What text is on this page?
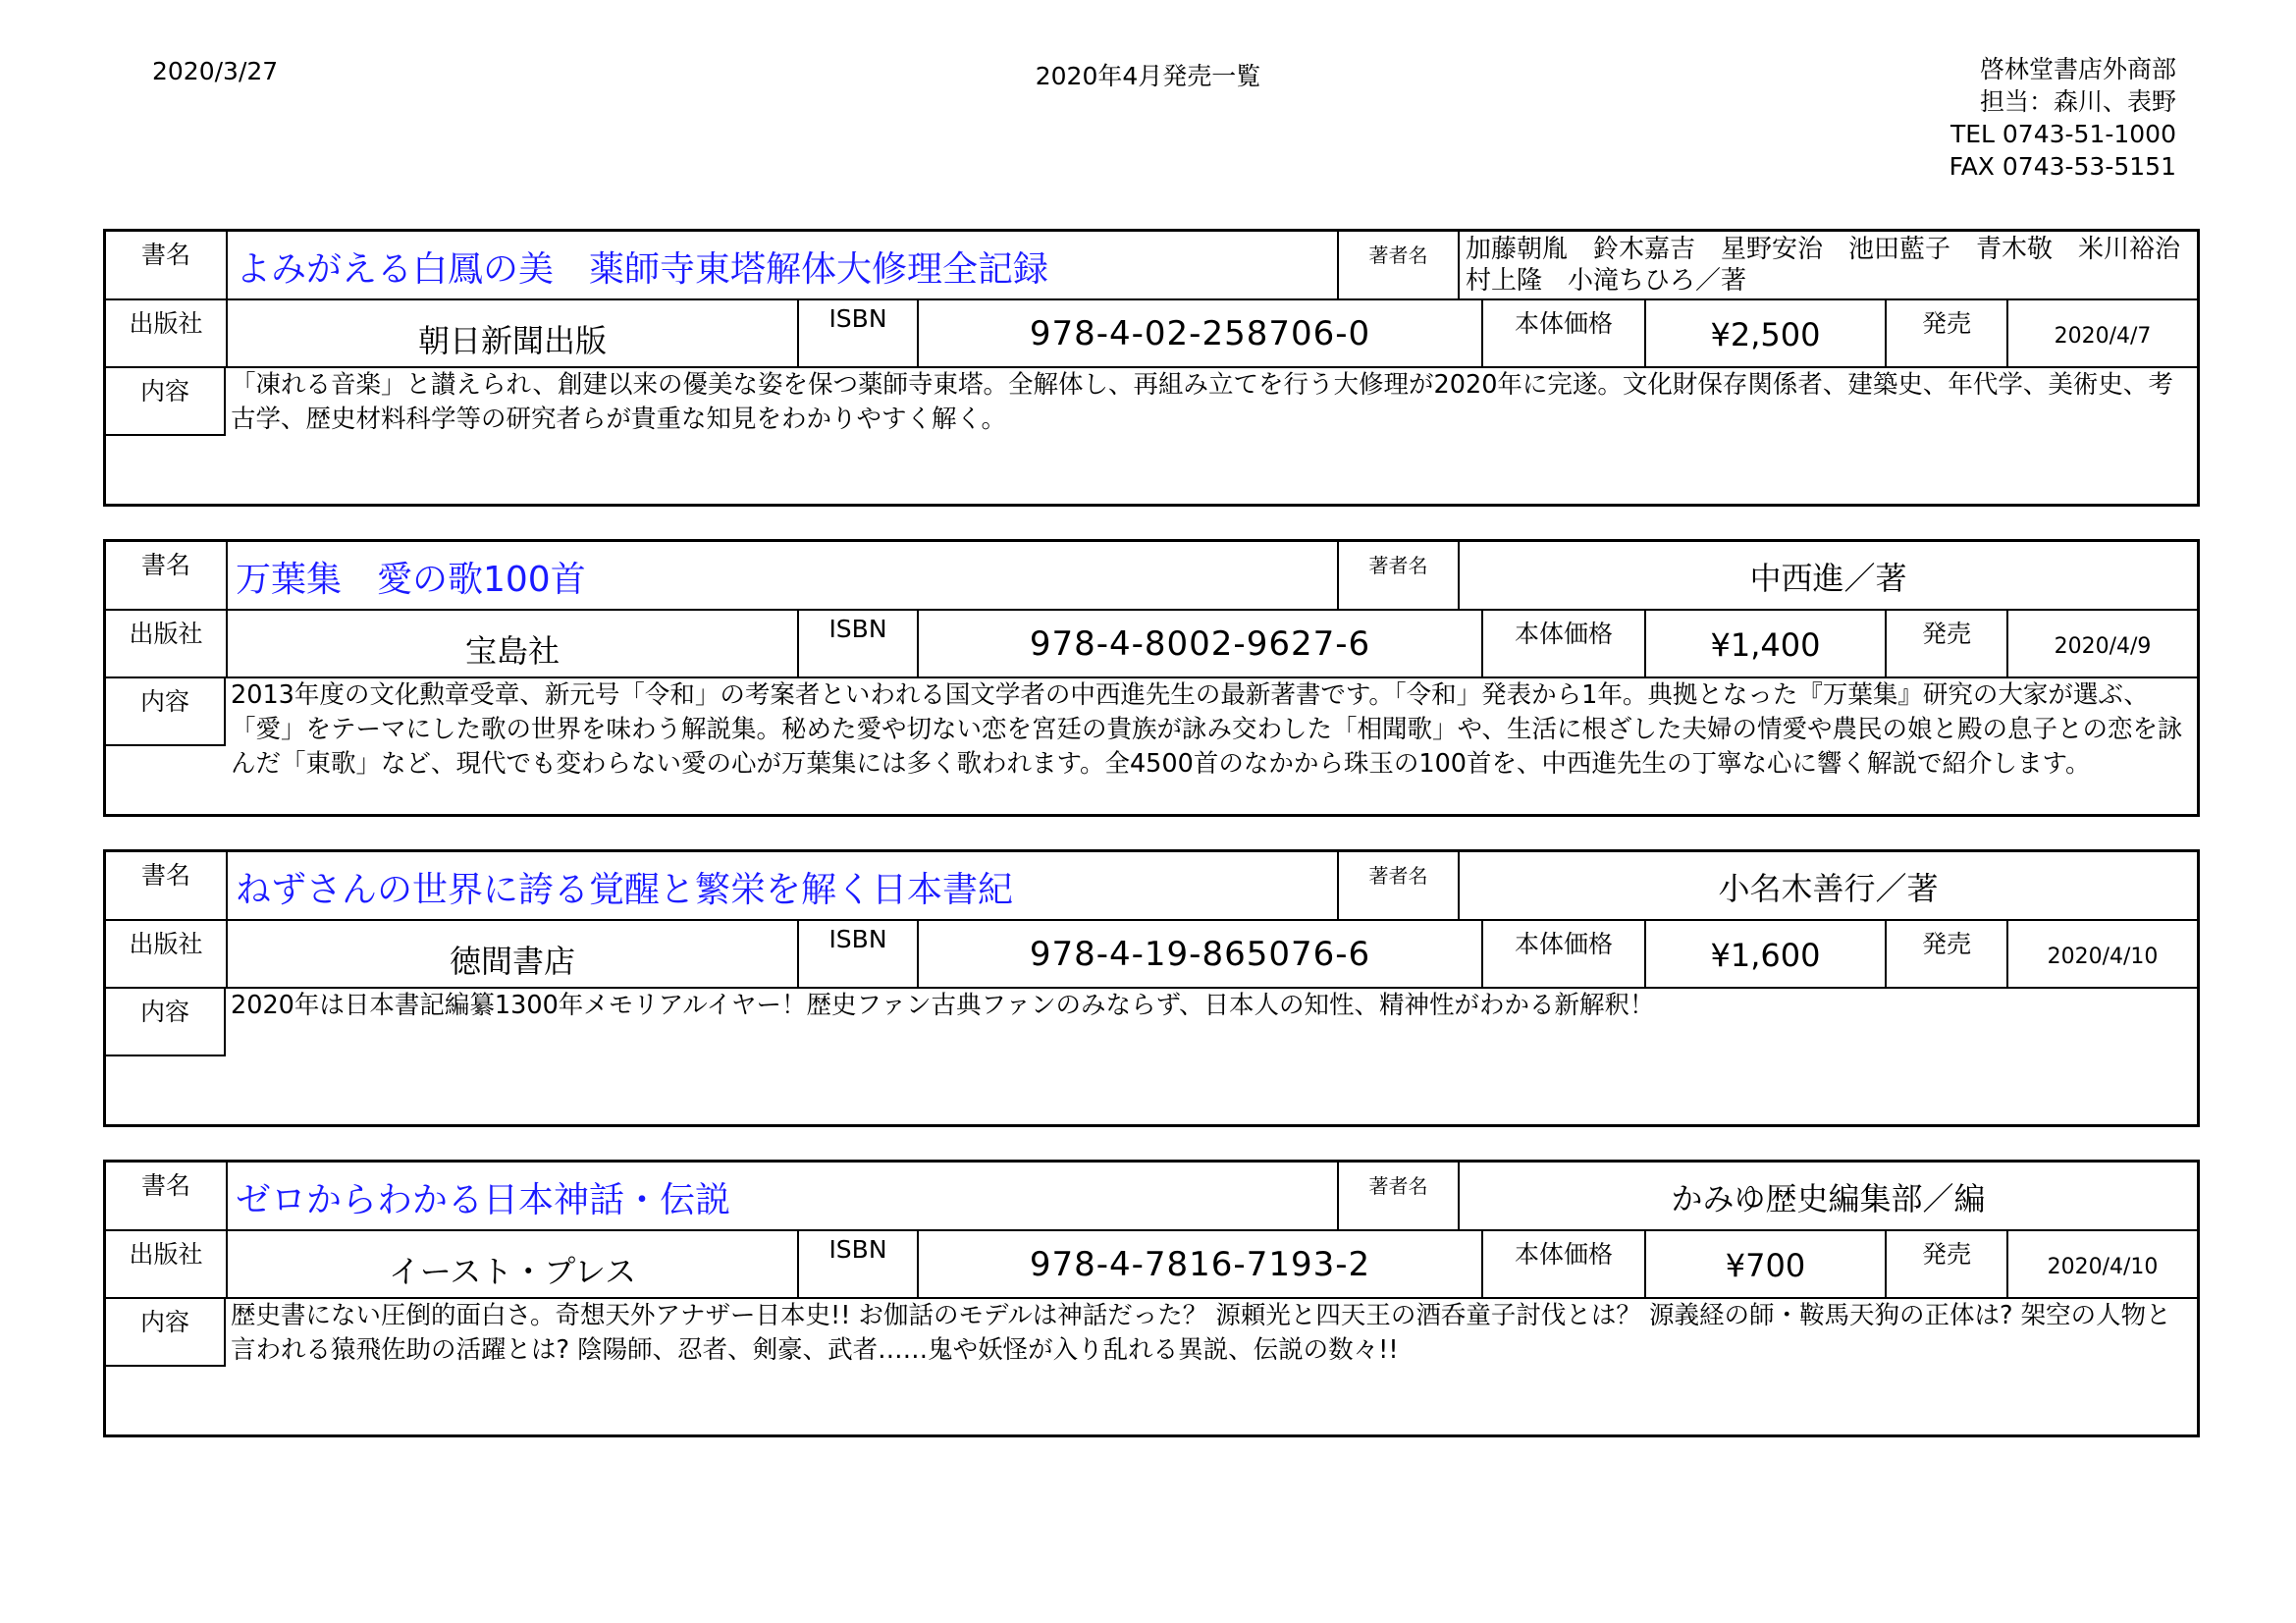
2020/3/27	2020年4月発売一覧	啓林堂書店外商部
担当：森川、表野
TEL 0743-51-1000
FAX 0743-53-5151
書名	よみがえる白鳳の美　薬師寺東塔解体大修理全記録	著者名	加藤朝胤　鈴木嘉吉　星野安治　池田藍子　青木敬　米川裕治　村上隆　小滝ちひろ／著
出版社	朝日新聞出版
ISBN	978-4-02-258706-0	本体価格	¥2,500	発売	2020/4/7
内容	「凍れる音楽」と讃えられ、創建以来の優美な姿を保つ薬師寺東塔。全解体し、再組み立てを行う大修理が2020年に完遂。文化財保存関係者、建築史、年代学、美術史、考古学、歴史材料科学等の研究者らが貴重な知見をわかりやすく解く。
書名	万葉集　愛の歌100首	著者名	中西進／著
出版社	宝島社
ISBN	978-4-8002-9627-6	本体価格	¥1,400	発売	2020/4/9
内容	2013年度の文化勲章受章、新元号「令和」の考案者といわれる国文学者の中西進先生の最新著書です。「令和」発表から1年。典拠となった『万葉集』研究の大家が選ぶ、「愛」をテーマにした歌の世界を味わう解説集。秘めた愛や切ない恋を宮廷の貴族が詠み交わした「相聞歌」や、生活に根ざした夫婦の情愛や農民の娘と殿の息子との恋を詠んだ「東歌」など、現代でも変わらない愛の心が万葉集には多く歌われます。全4500首のなかから珠玉の100首を、中西進先生の丁寧な心に響く解説で紹介します。
書名	ねずさんの世界に誇る覚醒と繁栄を解く日本書紀	著者名	小名木善行／著
出版社	徳間書店
ISBN	978-4-19-865076-6	本体価格	¥1,600	発売	2020/4/10
内容	2020年は日本書記編纂1300年メモリアルイヤー！歴史ファン古典ファンのみならず、日本人の知性、精神性がわかる新解釈！
書名	ゼロからわかる日本神話・伝説	著者名	かみゆ歴史編集部／編
出版社	イースト・プレス
ISBN	978-4-7816-7193-2	本体価格	¥700	発売	2020/4/10
内容	歴史書にない圧倒的面白さ。奇想天外アナザー日本史!! お伽話のモデルは神話だった？ 源頼光と四天王の酒呑童子討伐とは？ 源義経の師・鞍馬天狗の正体は? 架空の人物と言われる猿飛佐助の活躍とは? 陰陽師、忍者、剣豪、武者……鬼や妖怪が入り乱れる異説、伝説の数々!!
